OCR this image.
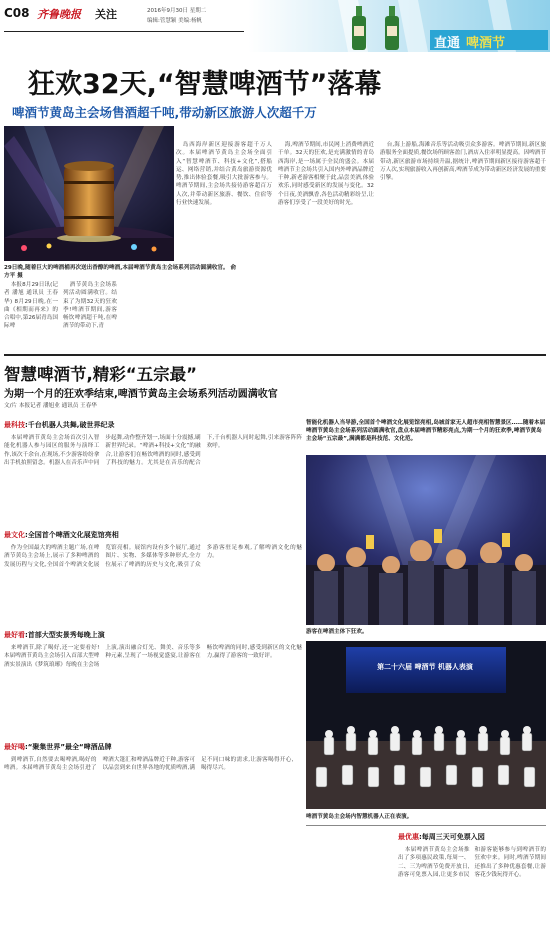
C08 齐鲁晚报 关注	2016年9月30日 星期二
编辑:管慧颖 美编:杨帆
直通 啤酒节
狂欢32天,“智慧啤酒节”落幕
啤酒节黄岛主会场售酒超千吨,带动新区旅游人次超千万
29日晚,随着巨大的啤酒桶再次送出香醇的啤酒,本届啤酒节黄岛主会场系列活动圆满收官。 俞方平 摄

本报8月29日讯(记者 潘旭 通讯员 王春华) 8月29日晚,在一曲《相期而再来》的合唱中,第26届青岛国际啤

酒节黄岛主会场系列活动圆满收官。结束了为期32天的狂欢季!啤酒节期间,游客畅饮啤酒超千吨,在啤酒节的带动下,青

岛西海岸新区迎接游客超千万人次。本届啤酒节黄岛主会场全面引入“智慧啤酒节、科技+文化”,搭船运、网络营销,并结合黄岛旅游资源优势,推出体验套餐,吸引大批游客参与。啤酒节期间,主会场共接待游客超百万人次,并带动新区旅游、餐饮、住宿等行业快速发展。

海,啤酒节期间,市民网上消费啤酒近千单。32天的狂欢,是充满激情的青岛西海岸,是一场属于全民的盛会。本届啤酒节主会场共引入国内外啤酒品牌近千种,新老游客相聚于此,品尝美酒,体验欢乐,同时感受新区的发展与变化。32个日夜,美酒飘香,各色活动精彩纷呈,让游客们享受了一段美好的时光。

台,海上游船,海滩音乐等活动吸引众多游客。啤酒节期间,新区旅游服务全面提质,餐饮场所顾客盈门,酒店入住率明显提高。因啤酒节带动,新区旅游市场持续升温,据统计,啤酒节期间新区接待游客超千万人次,实现旅游收入再创新高,啤酒节成为带动新区经济发展的重要引擎。

智慧啤酒节,精彩“五宗最”
为期一个月的狂欢季结束,啤酒节黄岛主会场系列活动圆满收官
文/片 本报记者 潘旭业 通讯员 王春华
最科技:千台机器人共舞,破世界纪录

本届啤酒节黄岛主会场首次引入智能化机器人参与园区的服务与演绎工作,该次千余台,在现场,不少游客纷纷拿出手机拍照留念。机器人在音乐声中同步起舞,动作整齐划一,场面十分震撼,刷新世界纪录。“啤酒+科技+文化”的融合,让游客们在畅饮啤酒的同时,感受到了科技的魅力。尤其是在音乐的配合下,千台机器人同时起舞,引来游客阵阵欢呼。

最文化:全国首个啤酒文化展览馆亮相

作为全国最大的啤酒主题广场,在啤酒节黄岛主会场上,展示了多种啤酒的发展历程与文化,全国首个啤酒文化展览馆亮相。展馆内设有多个展厅,通过图片、实物、多媒体等多种形式,全方位展示了啤酒的历史与文化,吸引了众多游客驻足参观,了解啤酒文化的魅力。

最好看:首部大型实景秀每晚上演

来啤酒节,除了喝好,还一定要看好!本届啤酒节黄岛主会场引入首部大型啤酒实景演出《梦筑琅琊》每晚在主会场上演,演出融合灯光、舞美、音乐等多种元素,呈现了一场视觉盛宴,让游客在畅饮啤酒的同时,感受到新区的文化魅力,赢得了游客的一致好评。

最好喝:“聚集世界”最全“啤酒品牌

到啤酒节,自然要去喝啤酒,喝好的啤酒。本届啤酒节黄岛主会场引进了啤酒大篷汇和啤酒品牌近千种,游客可以品尝到来自世界各地的优质啤酒,满足不同口味的需求,让游客喝得开心,喝得尽兴。

智能化机器人当导游,全国首个啤酒文化展览馆亮相,岛城首家无人超市亮相智慧景区……随着本届啤酒节黄岛主会场系列活动圆满收官,盘点本届啤酒节精彩亮点,为期一个月的狂欢季,啤酒节黄岛主会场“五宗最”,满满都是科技范、文化范。
游客在啤酒主体下狂欢。
第二十六届 啤酒节 机器人表演
啤酒节黄岛主会场内智慧机器人正在表演。
最优惠:每周三天可免票入园

本届啤酒节黄岛主会场推出了多项惠民政策,每周一、二、三为啤酒节免费开放日,游客可免票入园,让更多市民和游客能够参与到啤酒节的狂欢中来。同时,啤酒节期间还推出了多种优惠套餐,让游客花少钱玩得开心。
